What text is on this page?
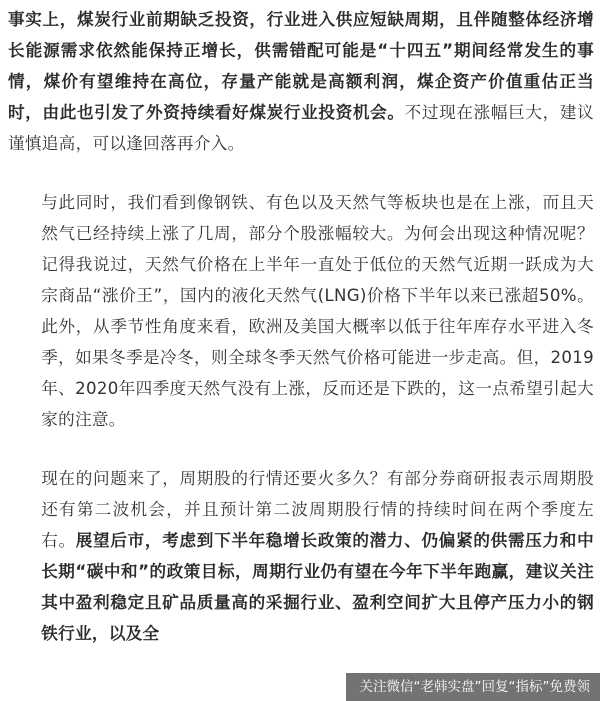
事实上，煤炭行业前期缺乏投资，行业进入供应短缺周期，且伴随整体经济增长能源需求依然能保持正增长，供需错配可能是“十四五”期间经常发生的事情，煤价有望维持在高位，存量产能就是高额利润，煤企资产价值重估正当时，由此也引发了外资持续看好煤炭行业投资机会。不过现在涨幅巨大，建议谨慎追高，可以逢回落再介入。

与此同时，我们看到像钢铁、有色以及天然气等板块也是在上涨，而且天然气已经持续上涨了几周，部分个股涨幅较大。为何会出现这种情况呢？记得我说过，天然气价格在上半年一直处于低位的天然气近期一跃成为大宗商品“涨价王”，国内的液化天然气(LNG)价格下半年以来已涨超50%。此外，从季节性角度来看，欧洲及美国大概率以低于往年库存水平进入冬季，如果冬季是冷冬，则全球冬季天然气价格可能进一步走高。但，2019年、2020年四季度天然气没有上涨，反而还是下跌的，这一点希望引起大家的注意。

现在的问题来了，周期股的行情还要火多久？有部分券商研报表示周期股还有第二波机会，并且预计第二波周期股行情的持续时间在两个季度左右。展望后市，考虑到下半年稳增长政策的潜力、仍偏紧的供需压力和中长期“碳中和”的政策目标，周期行业仍有望在今年下半年跑赢，建议关注其中盈利稳定且矿品质量高的采掘行业、盈利空间扩大且停产压力小的钢铁行业，以及全

关注微信“老韩实盘”回复“指标”免费领
